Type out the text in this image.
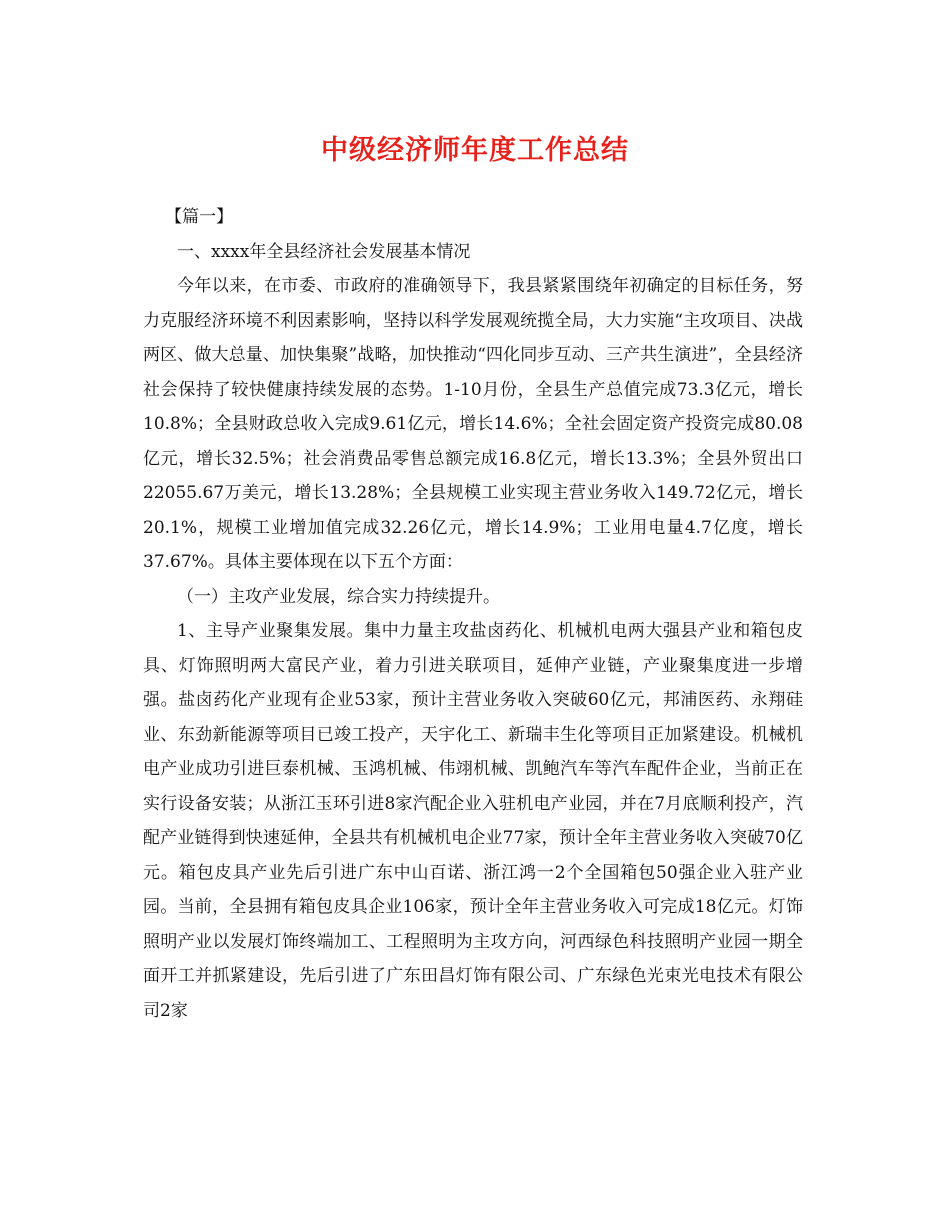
中级经济师年度工作总结

【篇一】

一、xxxx年全县经济社会发展基本情况

今年以来，在市委、市政府的准确领导下，我县紧紧围绕年初确定的目标任务，努力克服经济环境不利因素影响，坚持以科学发展观统揽全局，大力实施“主攻项目、决战两区、做大总量、加快集聚”战略，加快推动“四化同步互动、三产共生演进”，全县经济社会保持了较快健康持续发展的态势。1-10月份，全县生产总值完成73.3亿元，增长10.8%；全县财政总收入完成9.61亿元，增长14.6%；全社会固定资产投资完成80.08亿元，增长32.5%；社会消费品零售总额完成16.8亿元，增长13.3%；全县外贸出口22055.67万美元，增长13.28%；全县规模工业实现主营业务收入149.72亿元，增长20.1%，规模工业增加值完成32.26亿元，增长14.9%；工业用电量4.7亿度，增长37.67%。具体主要体现在以下五个方面：

（一）主攻产业发展，综合实力持续提升。

1、主导产业聚集发展。集中力量主攻盐卤药化、机械机电两大强县产业和箱包皮具、灯饰照明两大富民产业，着力引进关联项目，延伸产业链，产业聚集度进一步增强。盐卤药化产业现有企业53家，预计主营业务收入突破60亿元，邦浦医药、永翔硅业、东劲新能源等项目已竣工投产，天宇化工、新瑞丰生化等项目正加紧建设。机械机电产业成功引进巨泰机械、玉鸿机械、伟翊机械、凯鲍汽车等汽车配件企业，当前正在实行设备安装；从浙江玉环引进8家汽配企业入驻机电产业园，并在7月底顺利投产，汽配产业链得到快速延伸，全县共有机械机电企业77家，预计全年主营业务收入突破70亿元。箱包皮具产业先后引进广东中山百诺、浙江鸿一2个全国箱包50强企业入驻产业园。当前，全县拥有箱包皮具企业106家，预计全年主营业务收入可完成18亿元。灯饰照明产业以发展灯饰终端加工、工程照明为主攻方向，河西绿色科技照明产业园一期全面开工并抓紧建设，先后引进了广东田昌灯饰有限公司、广东绿色光束光电技术有限公司2家
